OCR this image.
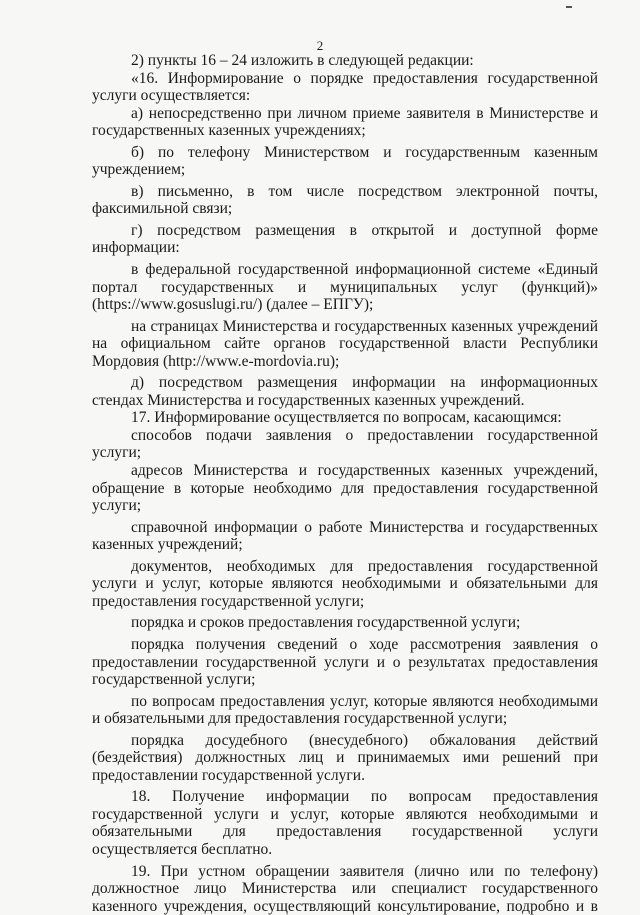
2

2) пункты 16 – 24 изложить в следующей редакции:

«16. Информирование о порядке предоставления государственной услуги осуществляется:

а) непосредственно при личном приеме заявителя в Министерстве и государственных казенных учреждениях;

б) по телефону Министерством и государственным казенным учреждением;

в) письменно, в том числе посредством электронной почты, факсимильной связи;

г) посредством размещения в открытой и доступной форме информации:

в федеральной государственной информационной системе «Единый портал государственных и муниципальных услуг (функций)» (https://www.gosuslugi.ru/) (далее – ЕПГУ);

на страницах Министерства и государственных казенных учреждений на официальном сайте органов государственной власти Республики Мордовия (http://www.e-mordovia.ru);

д) посредством размещения информации на информационных стендах Министерства и государственных казенных учреждений.

17. Информирование осуществляется по вопросам, касающимся:

способов подачи заявления о предоставлении государственной услуги;

адресов Министерства и государственных казенных учреждений, обращение в которые необходимо для предоставления государственной услуги;

справочной информации о работе Министерства и государственных казенных учреждений;

документов, необходимых для предоставления государственной услуги и услуг, которые являются необходимыми и обязательными для предоставления государственной услуги;

порядка и сроков предоставления государственной услуги;

порядка получения сведений о ходе рассмотрения заявления о предоставлении государственной услуги и о результатах предоставления государственной услуги;

по вопросам предоставления услуг, которые являются необходимыми и обязательными для предоставления государственной услуги;

порядка досудебного (внесудебного) обжалования действий (бездействия) должностных лиц и принимаемых ими решений при предоставлении государственной услуги.

18. Получение информации по вопросам предоставления государственной услуги и услуг, которые являются необходимыми и обязательными для предоставления государственной услуги осуществляется бесплатно.

19. При устном обращении заявителя (лично или по телефону) должностное лицо Министерства или специалист государственного казенного учреждения, осуществляющий консультирование, подробно и в
